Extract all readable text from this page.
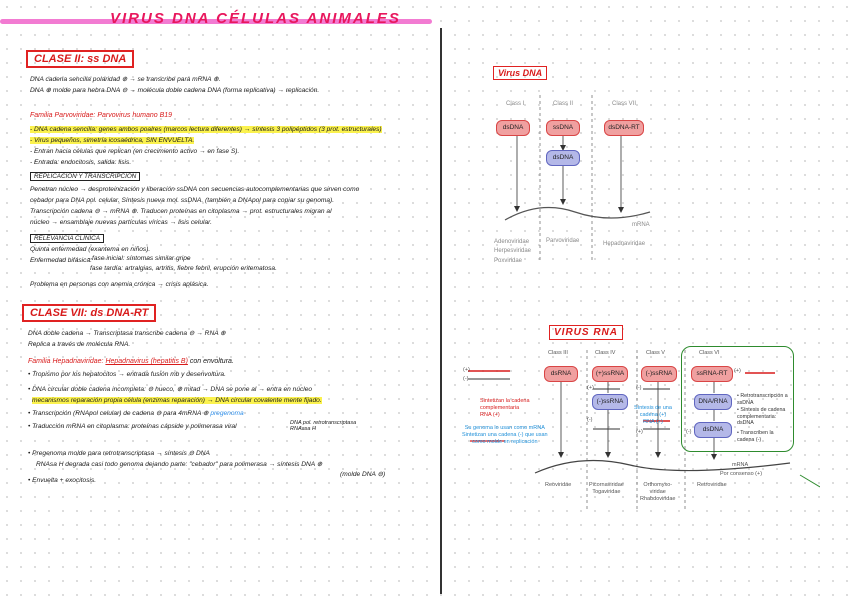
VIRUS DNA CÉLULAS ANIMALES
CLASE II: ss DNA
DNA cadena sencilla polaridad ⊕ → se transcribe para mRNA ⊕.
DNA ⊕ molde para hebra DNA ⊖ → molécula doble cadena DNA (forma replicativa) → replicación.
Familia Parvoviridae: Parvovirus humano B19
- DNA cadena sencilla: genes ambos poalres (marcos lectura diferentes) → síntesis 3 polipéptidos (3 prot. estructurales)
- Virus pequeños, simetría icosaédrica, SIN ENVUELTA.
- Entran hacia células que replican (en crecimiento activo → en fase S).
- Entrada: endocitosis, salida: lisis.
REPLICACIÓN Y TRANSCRIPCIÓN
Penetran núcleo → desproteinización y liberación ssDNA con secuencias autocomplementarias que sirven como
cebador para DNA pol. celular. Síntesis nueva mol. ssDNA. (también a DNApol para copiar su genoma).
Transcripción cadena ⊖ → mRNA ⊕. Traducen proteínas en citoplasma → prot. estructurales migran al
núcleo → ensamblaje nuevas partículas víricas → lisis celular.
RELEVANCIA CLÍNICA
Quinta enfermedad (exantema en niños).
Enfermedad bifásica:
- fase inicial: síntomas similar gripe
fase tardía: artralgias, artritis, fiebre febril, erupción eritematosa.
Problema en personas con anemia crónica → crisis aplásica.
CLASE VII: ds DNA-RT
DNA doble cadena → Transcriptasa transcribe cadena ⊖ → RNA ⊕
Replica a través de molécula RNA.
Familia Hepadnaviridae: Hepadnavirus (hepatitis B) con envoltura.
• Tropismo por los hepatocitos → entrada fusión mb y desenvoltura.
• DNA circular doble cadena incompleta: ⊖ hueco, ⊕ mitad → DNA se pone al → entra en núcleo
mecanismos reparación propia célula (enzimas reparación) → DNA circular covalente mente fijado.
• Transcripción (RNApol celular) de cadena ⊖ para 4mRNA ⊕ pregenoma
• Traducción mRNA en citoplasma: proteínas cápside y polimerasa viral	DNA pol. retrotranscriptasa RNAasa H
• Pregenoma molde para retrotranscriptasa → síntesis ⊖ DNA
RNAsa H degrada casi todo genoma dejando parte: "cebador" para polimerasa → síntesis DNA ⊕
(molde DNA ⊖)
• Envuelta + exocitosis.
Virus DNA
Class I	Class II	Class VII
dsDNA	ssDNA
dsDNA
dsDNA-RT
mRNA
Adenoviridae
Herpesviridae
Poxviridae
Parvoviridae	Hepadnaviridae
VIRUS RNA
Class III	Class IV	Class V	Class VI
(+)
(-)
dsRNA	(+)ssRNA	(-)ssRNA	ssRNA-RT	(+)
(-)ssRNA	DNA/RNA
dsDNA
(+)
(-)
(-)
(+)	(-)
Sintetizan la cadena
complementaria
RNA (+)
Su genoma lo usan como mRNA
Sintetizan una cadena (-) que usan
como molde en replicación
Síntesis de una
cadena (+)
RNA (+)
• Retrotranscripción a ssDNA
• Síntesis de cadena complementaria: dsDNA
• Transcriben la cadena (-)
mRNA
Por consenso (+)
Reoviridae	Picornaviridae
Togaviridae
Orthomyxo-
viridae
Rhabdoviridae
Retroviridae
